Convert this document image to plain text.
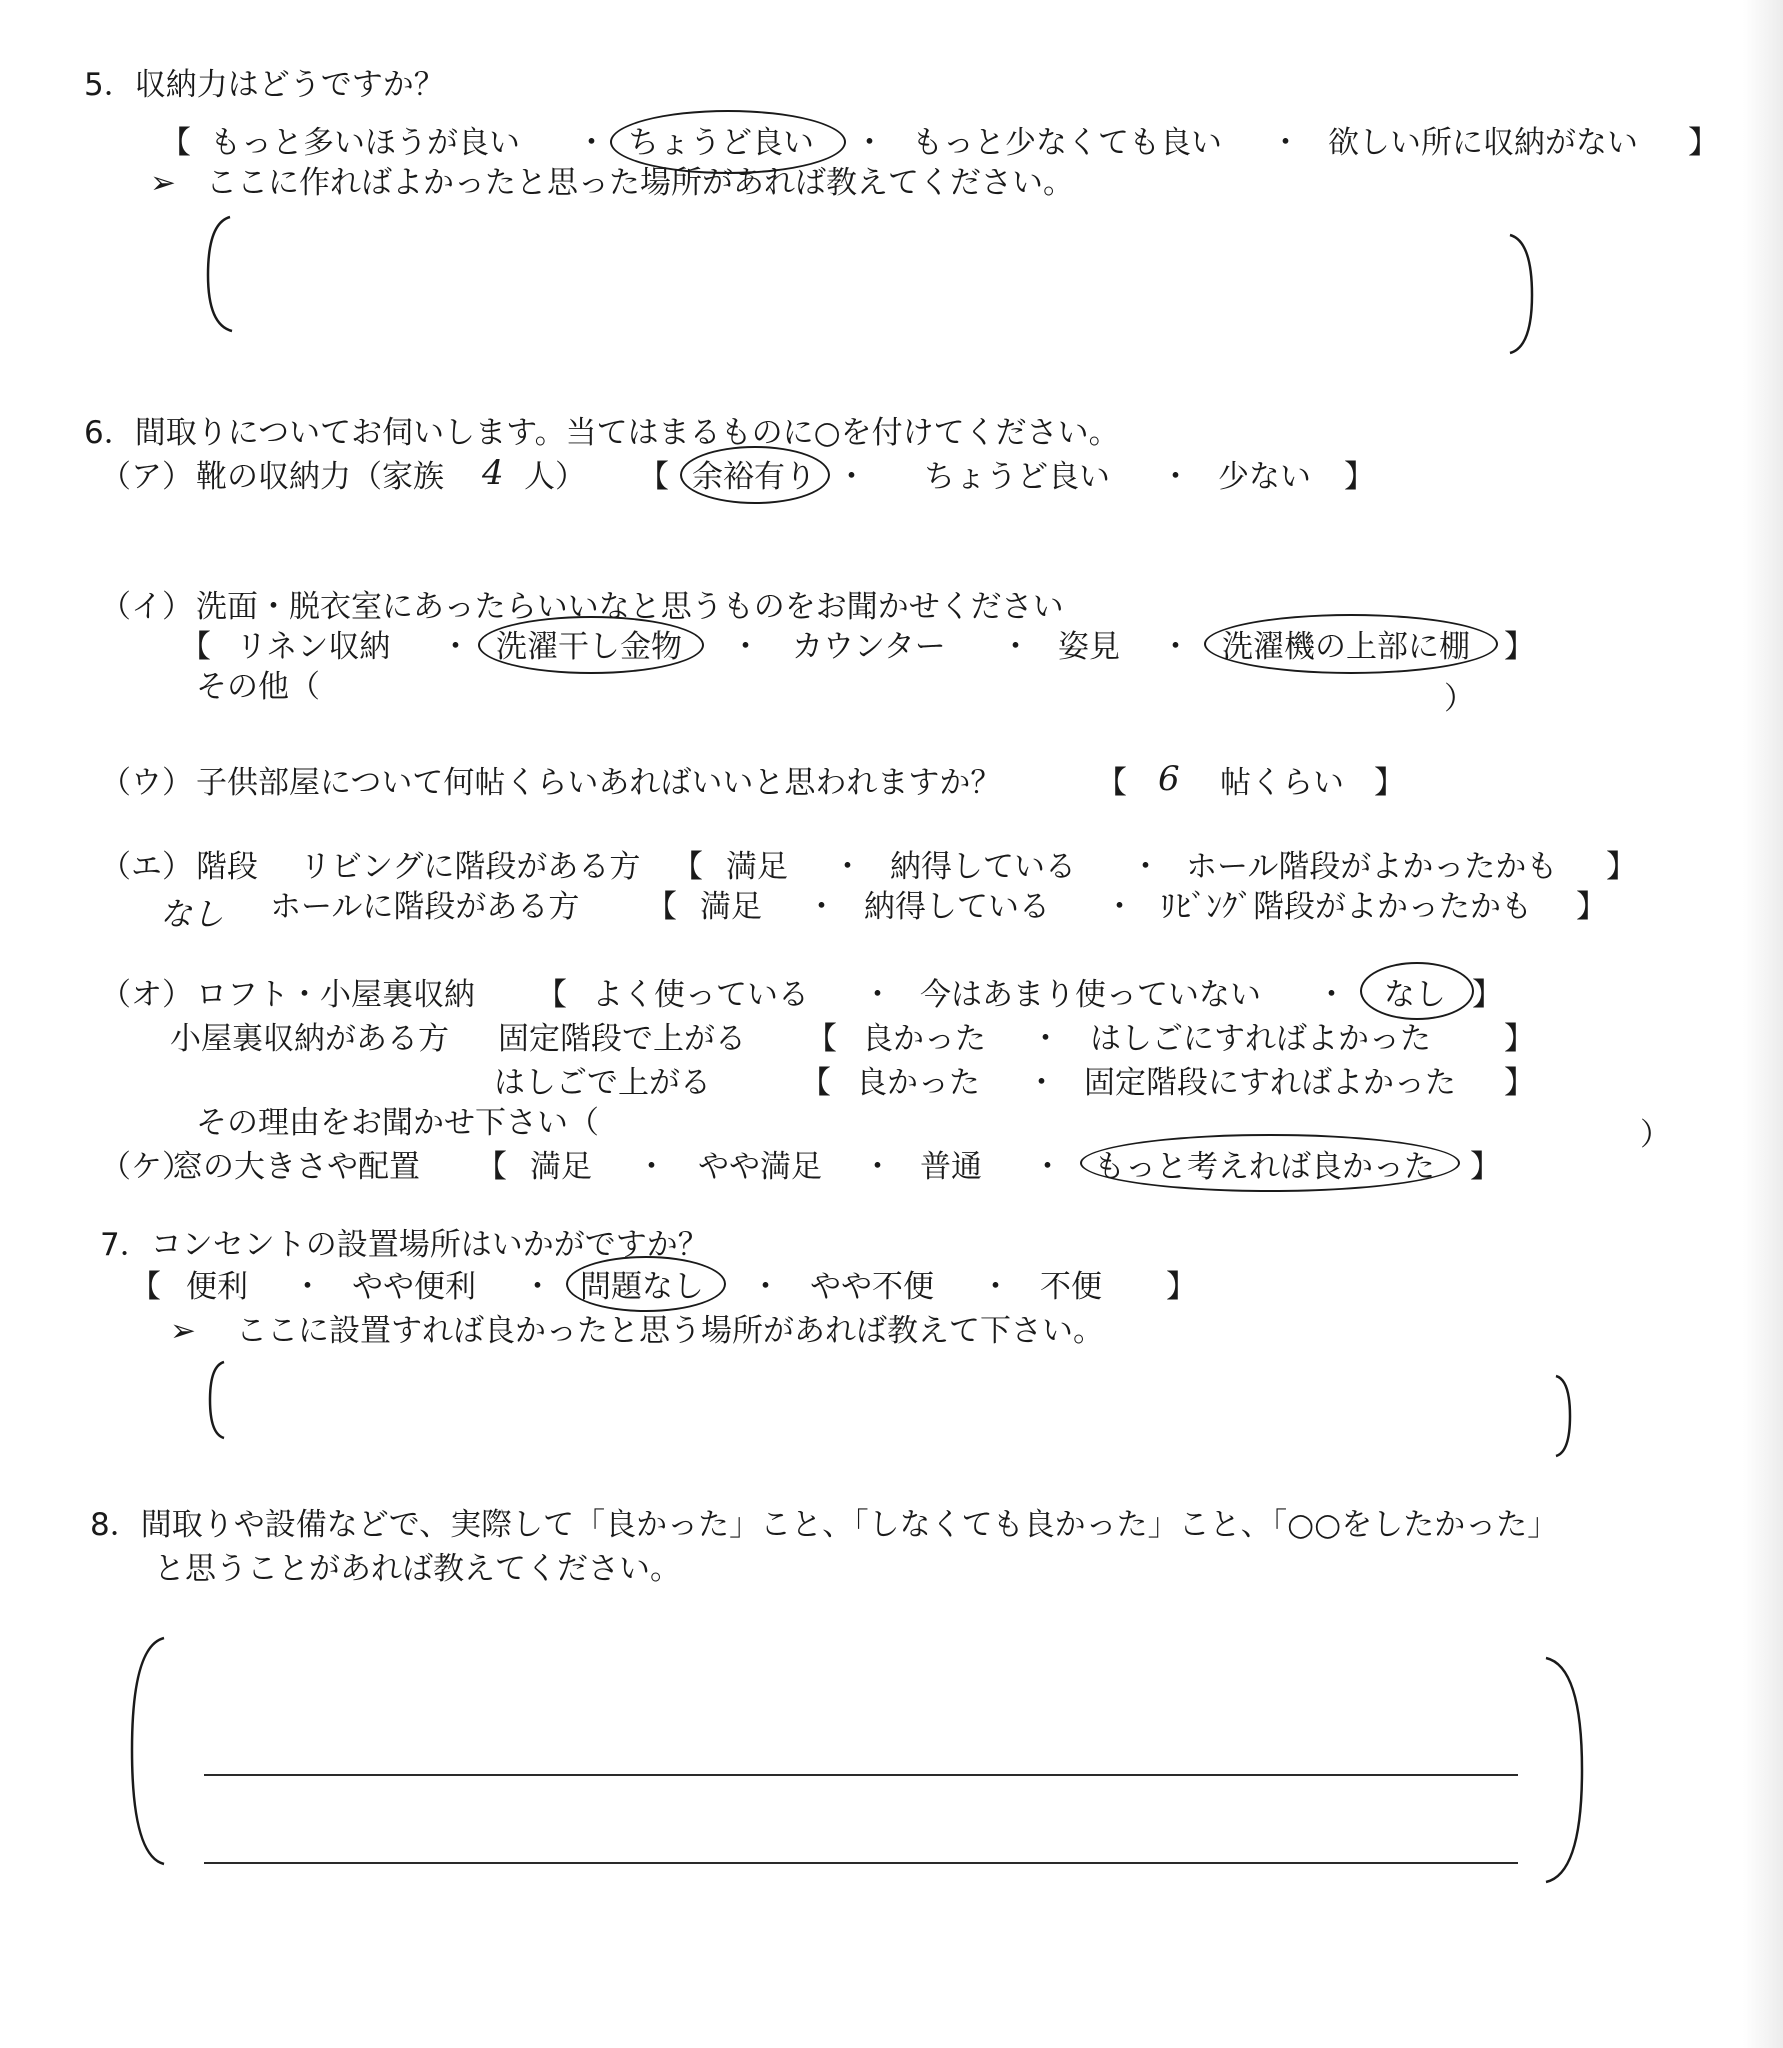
5．収納力はどうですか？
【 もっと多いほうが良い ・ ちょうど良い ・ もっと少なくても良い ・ 欲しい所に収納がない 】
➢ ここに作ればよかったと思った場所があれば教えてください。
6．間取りについてお伺いします。当てはまるものに○を付けてください。
（ア） 靴の収納力（家族 4 人） 【 余裕有り ・ ちょうど良い ・ 少ない 】
（イ） 洗面・脱衣室にあったらいいなと思うものをお聞かせください
【 リネン収納 ・ 洗濯干し金物 ・ カウンター ・ 姿見 ・ 洗濯機の上部に棚 】
その他（	）
（ウ） 子供部屋について何帖くらいあればいいと思われますか？	【 6 帖くらい 】
（エ） 階段 リビングに階段がある方 【 満足 ・ 納得している ・ ホール階段がよかったかも 】
なし ホールに階段がある方 【 満足 ・ 納得している ・ ﾘﾋﾞﾝｸﾞ階段がよかったかも 】
（オ） ロフト・小屋裏収納 【 よく使っている ・ 今はあまり使っていない ・ なし 】
小屋裏収納がある方 固定階段で上がる 【 良かった ・ はしごにすればよかった 】
はしごで上がる	【 良かった ・ 固定階段にすればよかった 】
その理由をお聞かせ下さい（	）
（ケ）
窓の大きさや配置 【 満足 ・ やや満足 ・ 普通 ・ もっと考えれば良かった 】
7．コンセントの設置場所はいかがですか？
【 便利 ・ やや便利 ・ 問題なし ・ やや不便 ・ 不便 】
➢ ここに設置すれば良かったと思う場所があれば教えて下さい。
8．間取りや設備などで、実際して「良かった」こと、「しなくても良かった」こと、「○○をしたかった」
と思うことがあれば教えてください。
